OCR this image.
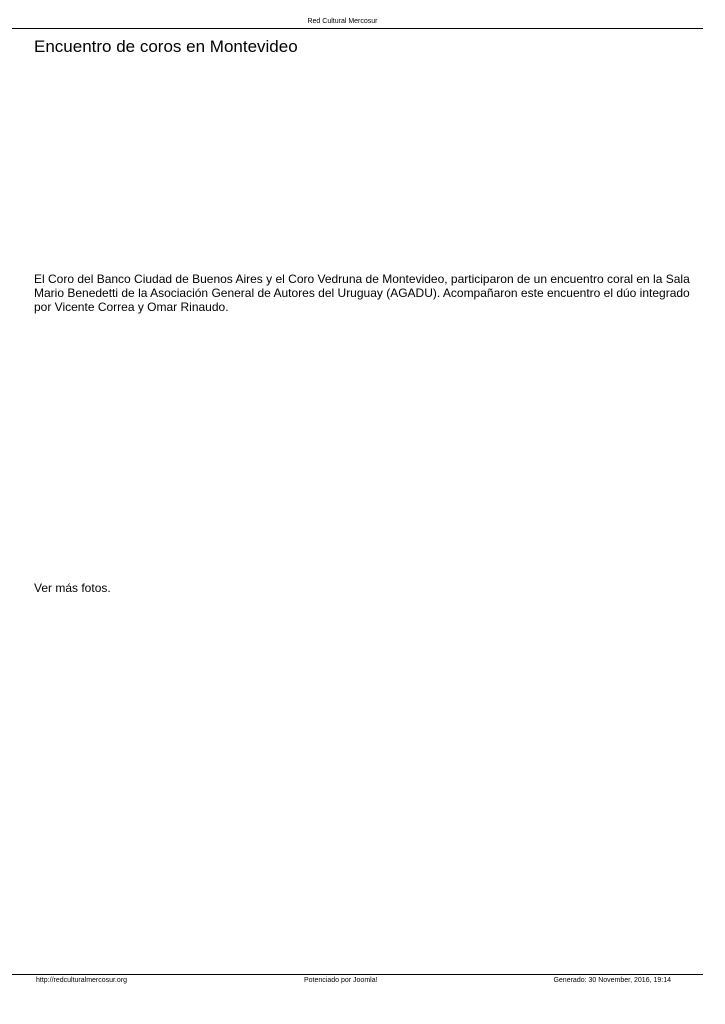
Red Cultural Mercosur
Encuentro de coros en Montevideo

El Coro del Banco Ciudad de Buenos Aires y el Coro Vedruna de Montevideo, participaron de un encuentro coral en la Sala Mario Benedetti de la Asociación General de Autores del Uruguay (AGADU). Acompañaron este encuentro el dúo integrado por Vicente Correa y Omar Rinaudo.

Ver más fotos.

http://redculturalmercosur.org	Potenciado por Joomla!	Generado: 30 November, 2016, 19:14
